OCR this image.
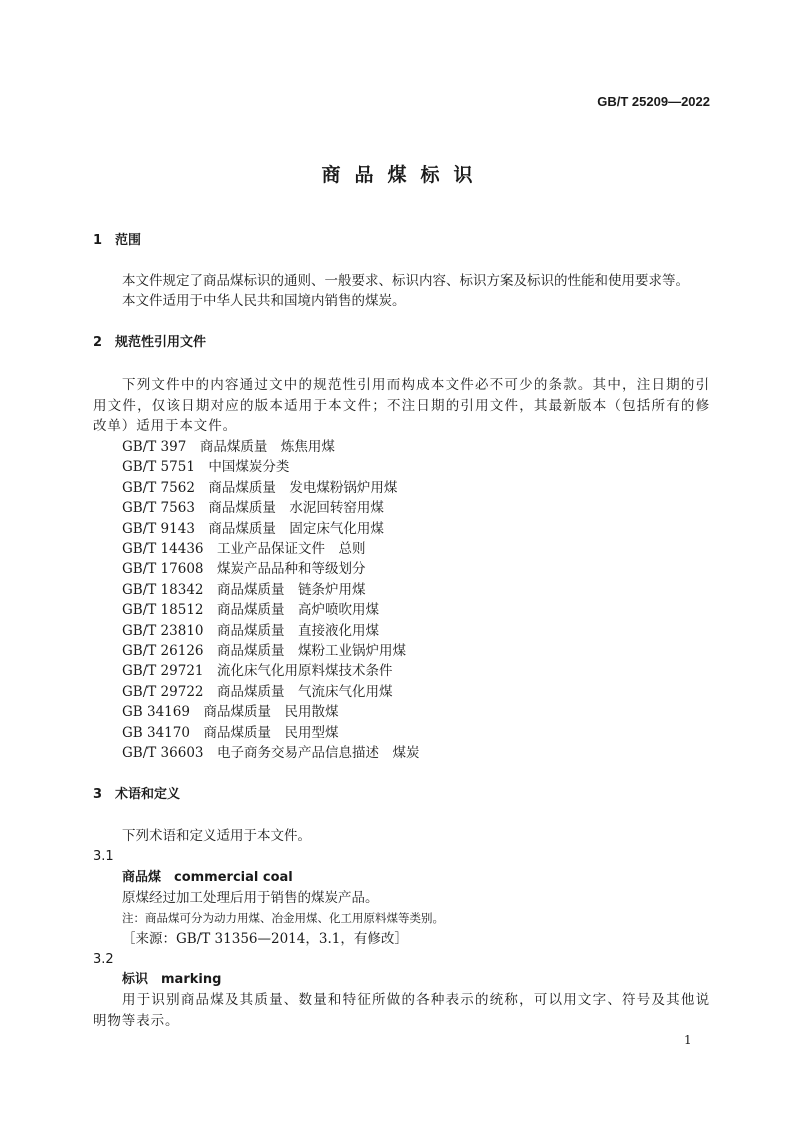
GB/T 25209—2022
商品煤标识
1　范围
本文件规定了商品煤标识的通则、一般要求、标识内容、标识方案及标识的性能和使用要求等。
本文件适用于中华人民共和国境内销售的煤炭。
2　规范性引用文件
下列文件中的内容通过文中的规范性引用而构成本文件必不可少的条款。其中，注日期的引用文件，仅该日期对应的版本适用于本文件；不注日期的引用文件，其最新版本（包括所有的修改单）适用于本文件。
GB/T 397　商品煤质量　炼焦用煤
GB/T 5751　中国煤炭分类
GB/T 7562　商品煤质量　发电煤粉锅炉用煤
GB/T 7563　商品煤质量　水泥回转窑用煤
GB/T 9143　商品煤质量　固定床气化用煤
GB/T 14436　工业产品保证文件　总则
GB/T 17608　煤炭产品品种和等级划分
GB/T 18342　商品煤质量　链条炉用煤
GB/T 18512　商品煤质量　高炉喷吹用煤
GB/T 23810　商品煤质量　直接液化用煤
GB/T 26126　商品煤质量　煤粉工业锅炉用煤
GB/T 29721　流化床气化用原料煤技术条件
GB/T 29722　商品煤质量　气流床气化用煤
GB 34169　商品煤质量　民用散煤
GB 34170　商品煤质量　民用型煤
GB/T 36603　电子商务交易产品信息描述　煤炭
3　术语和定义
下列术语和定义适用于本文件。
3.1
商品煤　commercial coal
原煤经过加工处理后用于销售的煤炭产品。
注：商品煤可分为动力用煤、冶金用煤、化工用原料煤等类别。
［来源：GB/T 31356—2014，3.1，有修改］
3.2
标识　marking
用于识别商品煤及其质量、数量和特征所做的各种表示的统称，可以用文字、符号及其他说明物等表示。
1
